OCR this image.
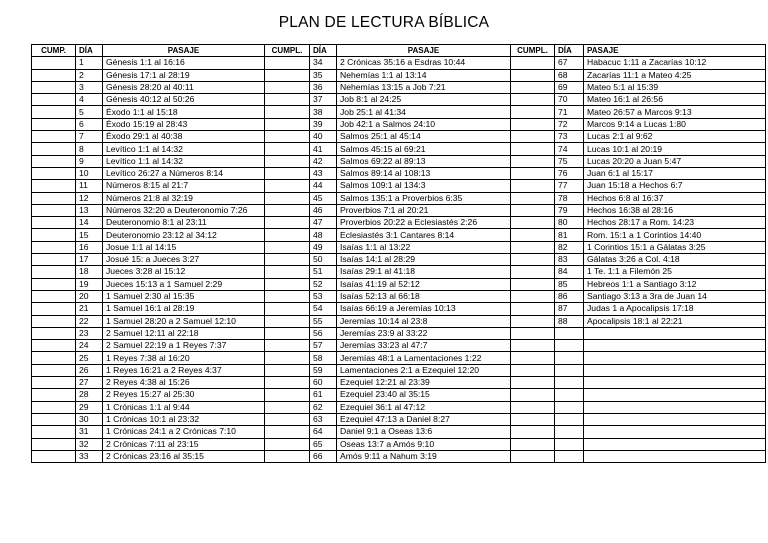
PLAN DE LECTURA BÍBLICA
CUMP.	DÍA	PASAJE	CUMPL.	DÍA	PASAJE	CUMPL.	DÍA	PASAJE
	1	Génesis 1:1 al 16:16		34	2 Crónicas 35:16 a Esdras 10:44		67	Habacuc 1:11 a Zacarías 10:12
	2	Génesis 17:1 al 28:19		35	Nehemías 1:1 al 13:14		68	Zacarías 11:1 a Mateo 4:25
	3	Génesis 28:20 al 40:11		36	Nehemías 13:15 a Job 7:21		69	Mateo 5:1 al 15:39
	4	Génesis 40:12 al 50:26		37	Job 8:1 al 24:25		70	Mateo 16:1 al 26:56
	5	Éxodo 1:1 al 15:18		38	Job 25:1 al 41:34		71	Mateo 26:57 a Marcos 9:13
	6	Éxodo 15:19 al 28:43		39	Job 42:1 a Salmos 24:10		72	Marcos 9:14 a Lucas 1:80
	7	Éxodo 29:1 al 40:38		40	Salmos 25:1 al 45:14		73	Lucas 2:1 al 9:62
	8	Levítico 1:1 al 14:32		41	Salmos 45:15 al 69:21		74	Lucas 10:1 al 20:19
	9	Levítico 1:1 al 14:32		42	Salmos 69:22 al 89:13		75	Lucas 20:20 a Juan 5:47
	10	Levítico 26:27 a Números 8:14		43	Salmos 89:14 al 108:13		76	Juan 6:1 al 15:17
	11	Números 8:15 al 21:7		44	Salmos 109:1 al 134:3		77	Juan 15:18 a Hechos 6:7
	12	Números 21:8 al 32:19		45	Salmos 135:1 a Proverbios 6:35		78	Hechos 6:8 al 16:37
	13	Números 32:20 a Deuteronomio 7:26		46	Proverbios 7:1 al 20:21		79	Hechos 16:38 al 28:16
	14	Deuteronomio 8:1 al 23:11		47	Proverbios 20:22 a Eclesiastés 2:26		80	Hechos 28:17 a Rom. 14:23
	15	Deuteronomio 23:12 al 34:12		48	Eclesiastés 3:1 Cantares 8:14		81	Rom. 15:1 a 1 Corintios 14:40
	16	Josue 1:1 al 14:15		49	Isaías 1:1 al 13:22		82	1 Corintios 15:1 a Gálatas 3:25
	17	Josué 15: a Jueces 3:27		50	Isaías 14:1 al 28:29		83	Gálatas 3:26 a Col. 4:18
	18	Jueces 3:28 al 15:12		51	Isaías 29:1 al 41:18		84	1 Te. 1:1 a Filemón 25
	19	Jueces 15:13 a 1 Samuel 2:29		52	Isaías 41:19 al 52:12		85	Hebreos 1:1 a Santiago 3:12
	20	1 Samuel 2:30 al 15:35		53	Isaías 52:13 al 66:18		86	Santiago 3:13 a 3ra de Juan 14
	21	1 Samuel 16:1 al 28:19		54	Isaías 66:19 a Jeremías 10:13		87	Judas 1 a Apocalipsis 17:18
	22	1 Samuel 28:20 a 2 Samuel 12:10		55	Jeremías 10:14 al 23:8		88	Apocalipsis 18:1 al 22:21
	23	2 Samuel 12:11 al 22:18		56	Jeremías 23:9 al 33:22			
	24	2 Samuel 22:19 a 1 Reyes 7:37		57	Jeremías 33:23 al 47:7			
	25	1 Reyes 7:38 al 16:20		58	Jeremías 48:1 a Lamentaciones 1:22			
	26	1 Reyes 16:21 a 2 Reyes 4:37		59	Lamentaciones 2:1 a Ezequiel 12:20			
	27	2 Reyes 4:38 al 15:26		60	Ezequiel 12:21 al 23:39			
	28	2 Reyes 15:27 al 25:30		61	Ezequiel 23:40 al 35:15			
	29	1 Crónicas 1:1 al 9:44		62	Ezequiel 36:1 al 47:12			
	30	1 Crónicas 10:1 al 23:32		63	Ezequiel 47:13 a Daniel 8:27			
	31	1 Crónicas 24:1 a 2 Crónicas 7:10		64	Daniel 9:1 a Oseas 13:6			
	32	2 Crónicas 7:11 al 23:15		65	Oseas 13:7 a Amós 9:10			
	33	2 Crónicas 23:16 al 35:15		66	Amós 9:11 a Nahum 3:19			
